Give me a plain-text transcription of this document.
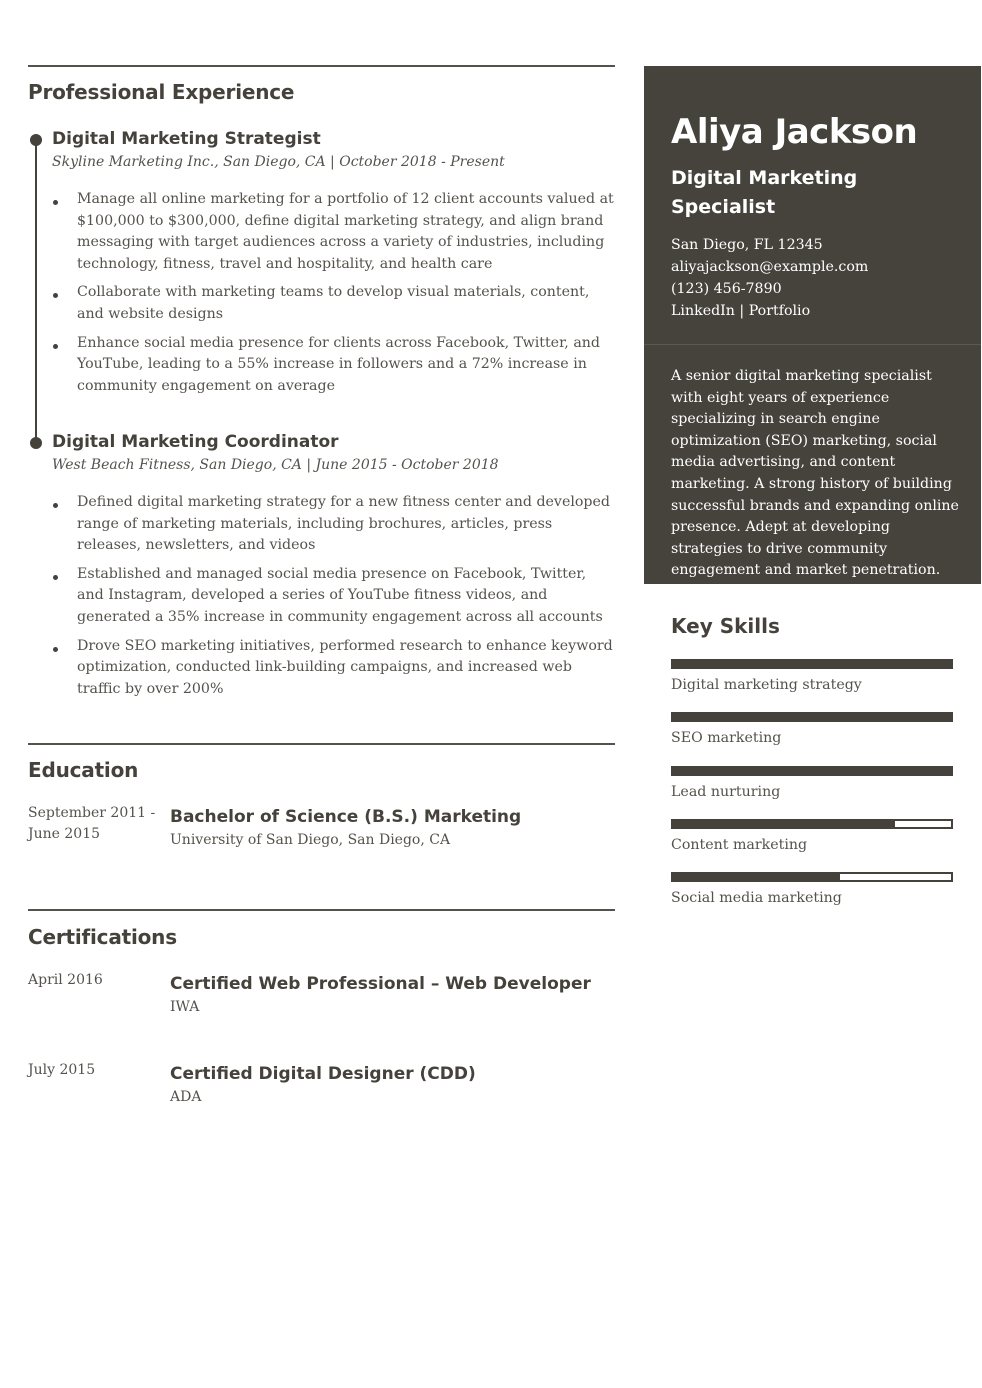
Professional Experience
Digital Marketing Strategist

Skyline Marketing Inc., San Diego, CA | October 2018 - Present

Manage all online marketing for a portfolio of 12 client accounts valued at $100,000 to $300,000, define digital marketing strategy, and align brand messaging with target audiences across a variety of industries, including technology, fitness, travel and hospitality, and health care
Collaborate with marketing teams to develop visual materials, content, and website designs
Enhance social media presence for clients across Facebook, Twitter, and YouTube, leading to a 55% increase in followers and a 72% increase in community engagement on average
Digital Marketing Coordinator

West Beach Fitness, San Diego, CA | June 2015 - October 2018

Defined digital marketing strategy for a new fitness center and developed range of marketing materials, including brochures, articles, press releases, newsletters, and videos
Established and managed social media presence on Facebook, Twitter, and Instagram, developed a series of YouTube fitness videos, and generated a 35% increase in community engagement across all accounts
Drove SEO marketing initiatives, performed research to enhance keyword optimization, conducted link-building campaigns, and increased web traffic by over 200%
Education
September 2011 - June 2015
Bachelor of Science (B.S.) Marketing

University of San Diego, San Diego, CA

Certifications
April 2016	Certified Web Professional – Web Developer

IWA

July 2015	Certified Digital Designer (CDD)

ADA

Aliya Jackson
Digital Marketing Specialist
San Diego, FL 12345
aliyajackson@example.com
(123) 456-7890
LinkedIn | Portfolio

A senior digital marketing specialist with eight years of experience specializing in search engine optimization (SEO) marketing, social media advertising, and content marketing. A strong history of building successful brands and expanding online presence. Adept at developing strategies to drive community engagement and market penetration.

Key Skills

Digital marketing strategy

SEO marketing

Lead nurturing

Content marketing

Social media marketing
